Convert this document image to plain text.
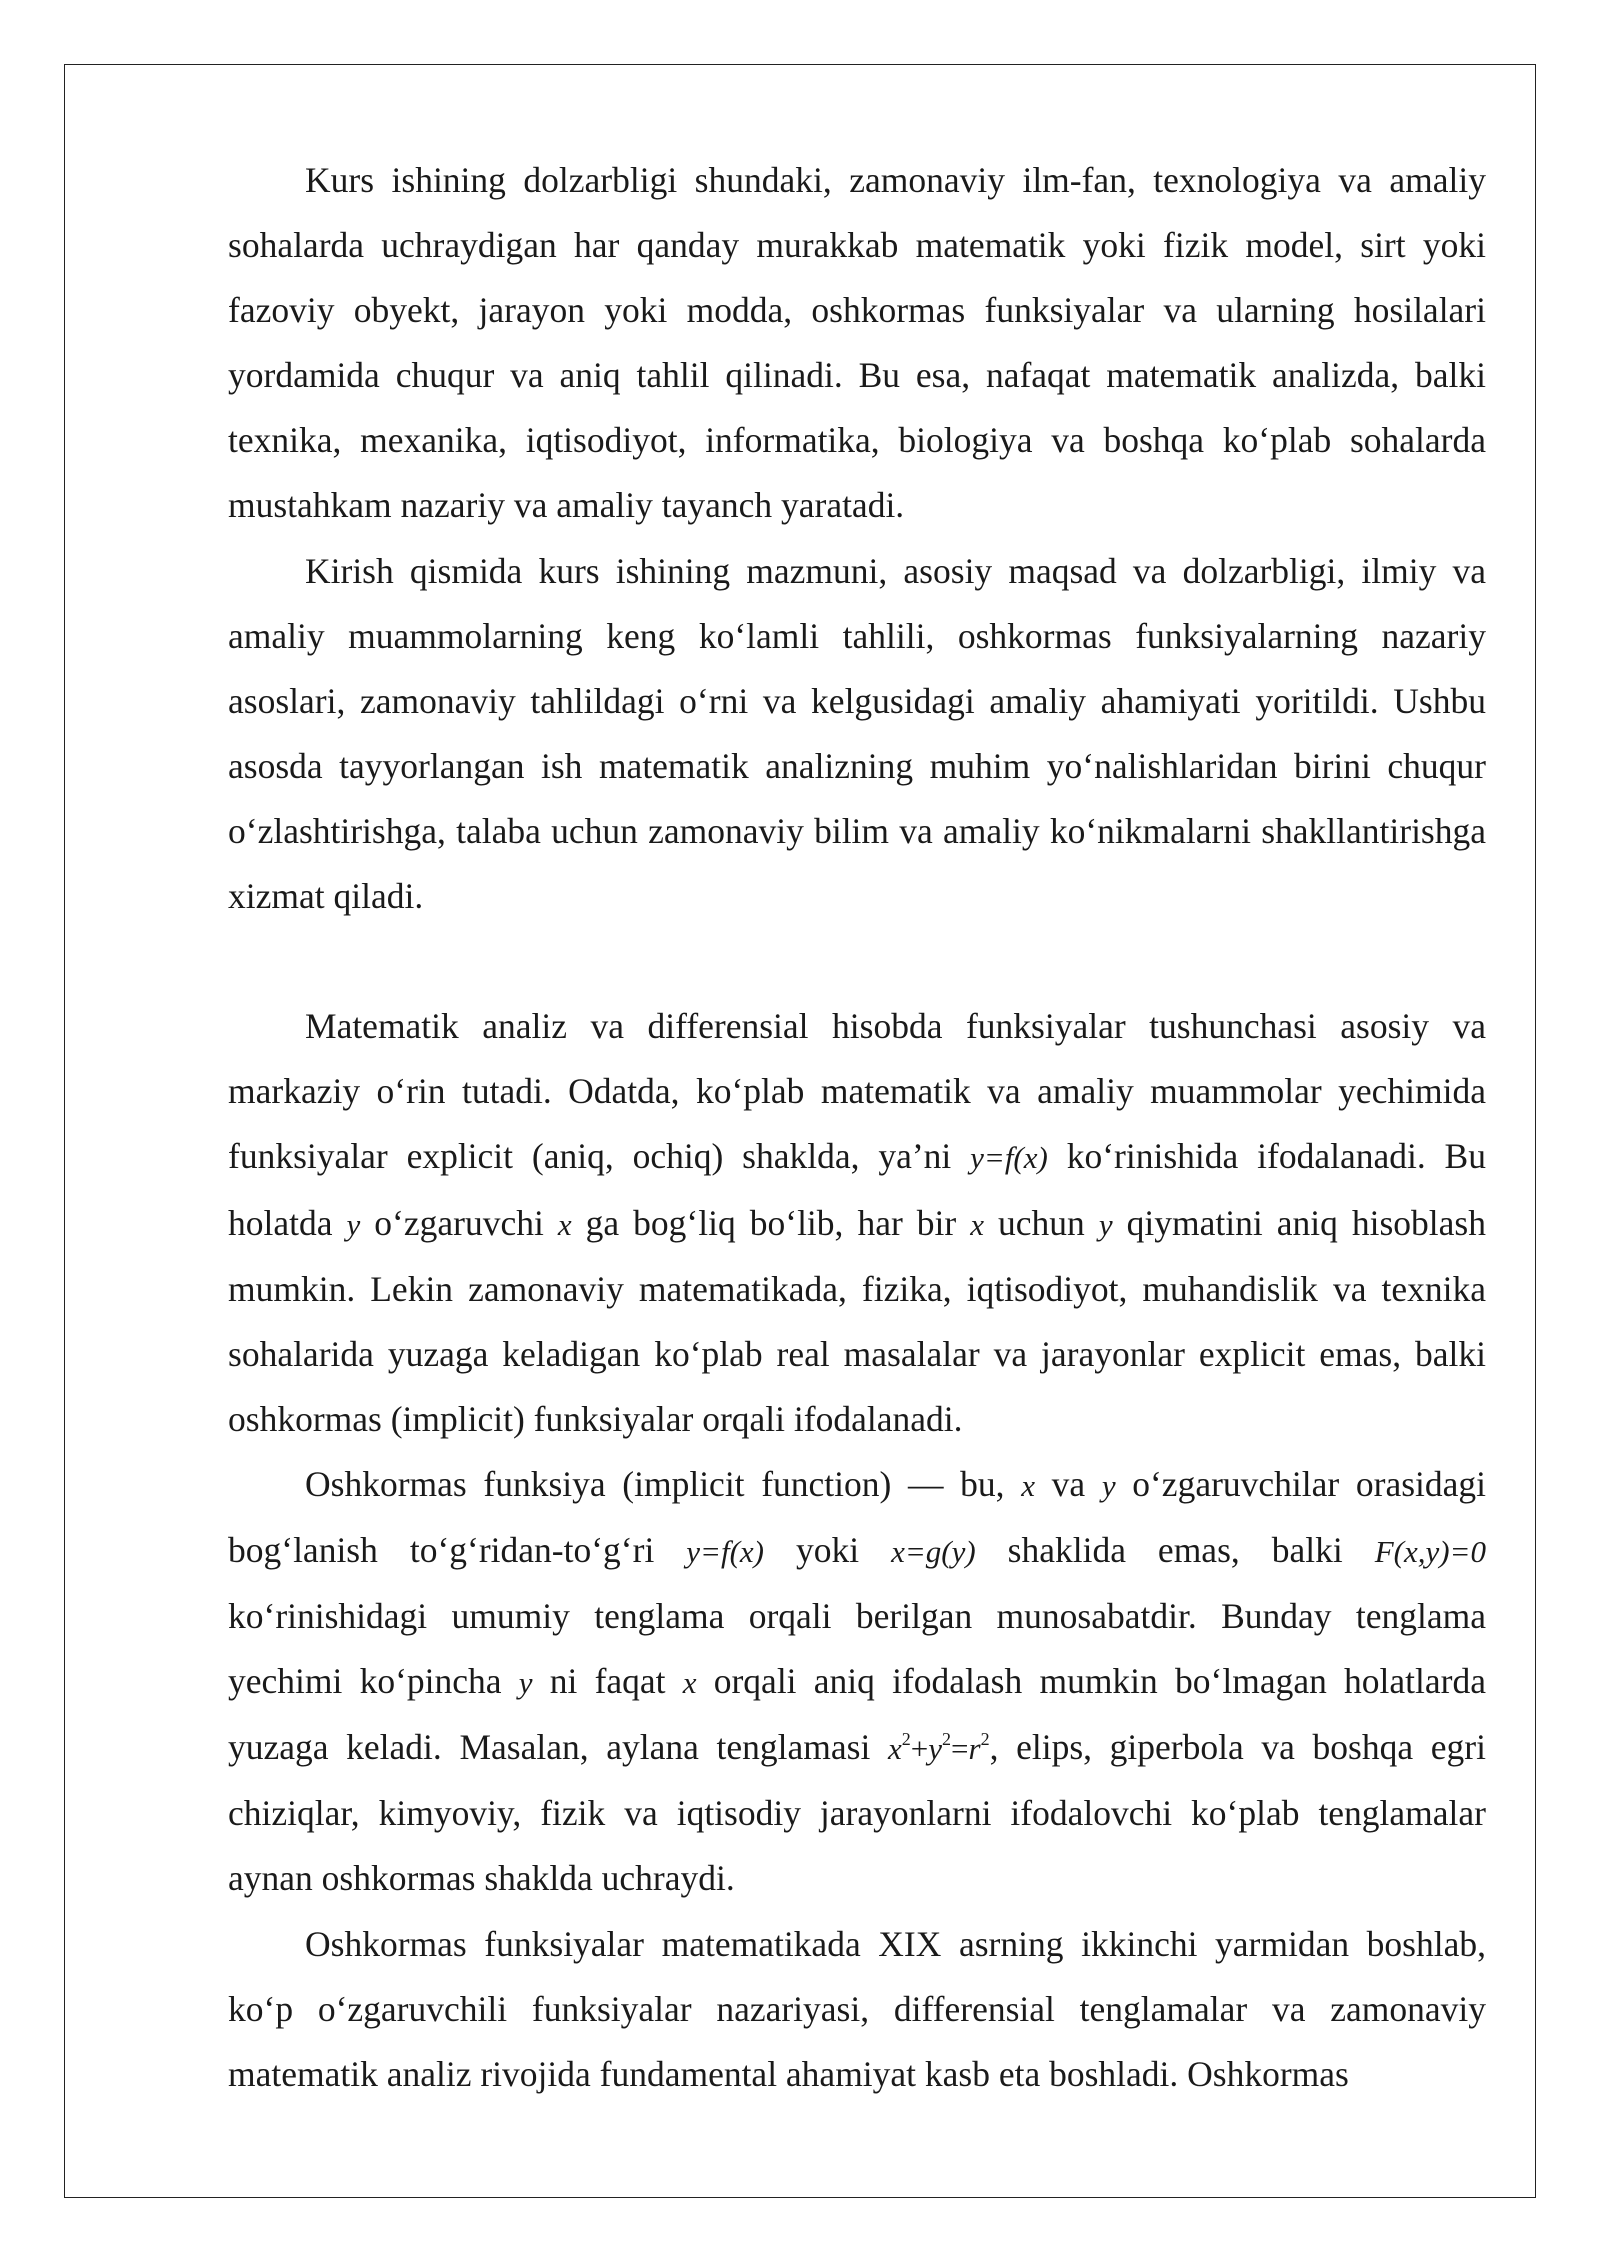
Kurs ishining dolzarbligi shundaki, zamonaviy ilm-fan, texnologiya va amaliy sohalarda uchraydigan har qanday murakkab matematik yoki fizik model, sirt yoki fazoviy obyekt, jarayon yoki modda, oshkormas funksiyalar va ularning hosilalari yordamida chuqur va aniq tahlil qilinadi. Bu esa, nafaqat matematik analizda, balki texnika, mexanika, iqtisodiyot, informatika, biologiya va boshqa ko‘plab sohalarda mustahkam nazariy va amaliy tayanch yaratadi.

Kirish qismida kurs ishining mazmuni, asosiy maqsad va dolzarbligi, ilmiy va amaliy muammolarning keng ko‘lamli tahlili, oshkormas funksiyalarning nazariy asoslari, zamonaviy tahlildagi o‘rni va kelgusidagi amaliy ahamiyati yoritildi. Ushbu asosda tayyorlangan ish matematik analizning muhim yo‘nalishlaridan birini chuqur o‘zlashtirishga, talaba uchun zamonaviy bilim va amaliy ko‘nikmalarni shakllantirishga xizmat qiladi.

Matematik analiz va differensial hisobda funksiyalar tushunchasi asosiy va markaziy o‘rin tutadi. Odatda, ko‘plab matematik va amaliy muammolar yechimida funksiyalar explicit (aniq, ochiq) shaklda, ya’ni y=f(x) ko‘rinishida ifodalanadi. Bu holatda y o‘zgaruvchi x ga bog‘liq bo‘lib, har bir x uchun y qiymatini aniq hisoblash mumkin. Lekin zamonaviy matematikada, fizika, iqtisodiyot, muhandislik va texnika sohalarida yuzaga keladigan ko‘plab real masalalar va jarayonlar explicit emas, balki oshkormas (implicit) funksiyalar orqali ifodalanadi.

Oshkormas funksiya (implicit function) — bu, x va y o‘zgaruvchilar orasidagi bog‘lanish to‘g‘ridan-to‘g‘ri y=f(x) yoki x=g(y) shaklida emas, balki F(x,y)=0 ko‘rinishidagi umumiy tenglama orqali berilgan munosabatdir. Bunday tenglama yechimi ko‘pincha y ni faqat x orqali aniq ifodalash mumkin bo‘lmagan holatlarda yuzaga keladi. Masalan, aylana tenglamasi $x^2+y^2=r^2$, elips, giperbola va boshqa egri chiziqlar, kimyoviy, fizik va iqtisodiy jarayonlarni ifodalovchi ko‘plab tenglamalar aynan oshkormas shaklda uchraydi.

Oshkormas funksiyalar matematikada XIX asrning ikkinchi yarmidan boshlab, ko‘p o‘zgaruvchili funksiyalar nazariyasi, differensial tenglamalar va zamonaviy matematik analiz rivojida fundamental ahamiyat kasb eta boshladi. Oshkormas
